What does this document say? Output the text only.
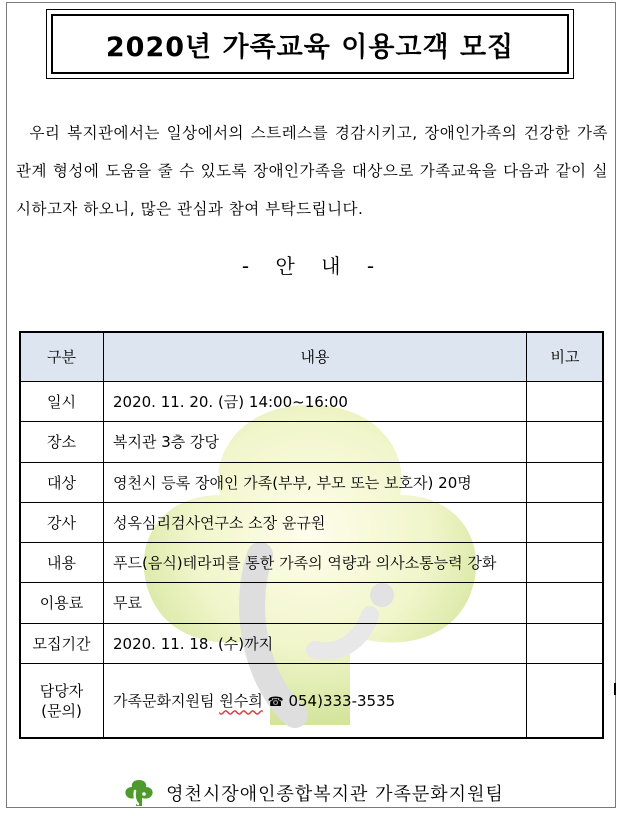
2020년 가족교육 이용고객 모집
우리 복지관에서는 일상에서의 스트레스를 경감시키고, 장애인가족의 건강한 가족관계 형성에 도움을 줄 수 있도록 장애인가족을 대상으로 가족교육을 다음과 같이 실시하고자 하오니, 많은 관심과 참여 부탁드립니다.
- 안 내 -
구분	내용	비고
일시	2020. 11. 20. (금) 14:00~16:00	
장소	복지관 3층 강당	
대상	영천시 등록 장애인 가족(부부, 부모 또는 보호자) 20명	
강사	성옥심리검사연구소 소장 윤규원	
내용	푸드(음식)테라피를 통한 가족의 역량과 의사소통능력 강화	
이용료	무료	
모집기간	2020. 11. 18. (수)까지	
담당자
(문의)	가족문화지원팀 원수희 ☎ 054)333-3535	
영천시장애인종합복지관 가족문화지원팀
